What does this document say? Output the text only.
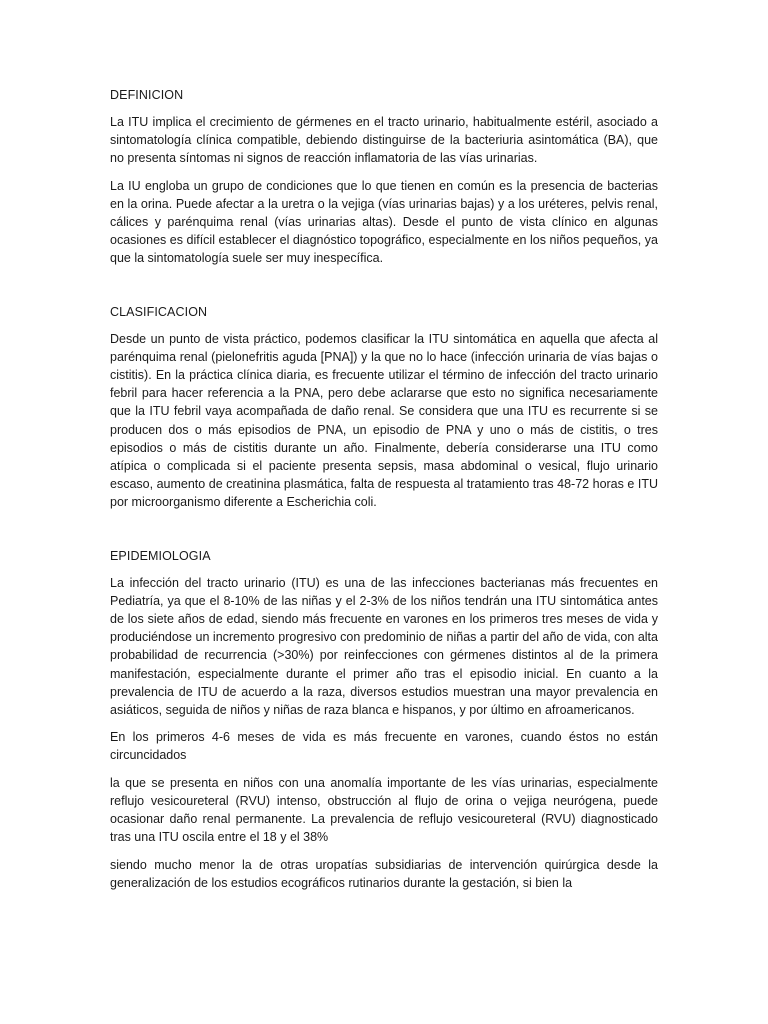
DEFINICION

La ITU implica el crecimiento de gérmenes en el tracto urinario, habitualmente estéril, asociado a sintomatología clínica compatible, debiendo distinguirse de la bacteriuria asintomática (BA), que no presenta síntomas ni signos de reacción inflamatoria de las vías urinarias.

La IU engloba un grupo de condiciones que lo que tienen en común es la presencia de bacterias en la orina. Puede afectar a la uretra o la vejiga (vías urinarias bajas) y a los uréteres, pelvis renal, cálices y parénquima renal (vías urinarias altas). Desde el punto de vista clínico en algunas ocasiones es difícil establecer el diagnóstico topográfico, especialmente en los niños pequeños, ya que la sintomatología suele ser muy inespecífica.

CLASIFICACION

Desde un punto de vista práctico, podemos clasificar la ITU sintomática en aquella que afecta al parénquima renal (pielonefritis aguda [PNA]) y la que no lo hace (infección urinaria de vías bajas o cistitis). En la práctica clínica diaria, es frecuente utilizar el término de infección del tracto urinario febril para hacer referencia a la PNA, pero debe aclararse que esto no significa necesariamente que la ITU febril vaya acompañada de daño renal. Se considera que una ITU es recurrente si se producen dos o más episodios de PNA, un episodio de PNA y uno o más de cistitis, o tres episodios o más de cistitis durante un año. Finalmente, debería considerarse una ITU como atípica o complicada si el paciente presenta sepsis, masa abdominal o vesical, flujo urinario escaso, aumento de creatinina plasmática, falta de respuesta al tratamiento tras 48-72 horas e ITU por microorganismo diferente a Escherichia coli.

EPIDEMIOLOGIA

La infección del tracto urinario (ITU) es una de las infecciones bacterianas más frecuentes en Pediatría, ya que el 8-10% de las niñas y el 2-3% de los niños tendrán una ITU sintomática antes de los siete años de edad, siendo más frecuente en varones en los primeros tres meses de vida y produciéndose un incremento progresivo con predominio de niñas a partir del año de vida, con alta probabilidad de recurrencia (>30%) por reinfecciones con gérmenes distintos al de la primera manifestación, especialmente durante el primer año tras el episodio inicial. En cuanto a la prevalencia de ITU de acuerdo a la raza, diversos estudios muestran una mayor prevalencia en asiáticos, seguida de niños y niñas de raza blanca e hispanos, y por último en afroamericanos.

En los primeros 4-6 meses de vida es más frecuente en varones, cuando éstos no están circuncidados

la que se presenta en niños con una anomalía importante de les vías urinarias, especialmente reflujo vesicoureteral (RVU) intenso, obstrucción al flujo de orina o vejiga neurógena, puede ocasionar daño renal permanente. La prevalencia de reflujo vesicoureteral (RVU) diagnosticado tras una ITU oscila entre el 18 y el 38%

siendo mucho menor la de otras uropatías subsidiarias de intervención quirúrgica desde la generalización de los estudios ecográficos rutinarios durante la gestación, si bien la
